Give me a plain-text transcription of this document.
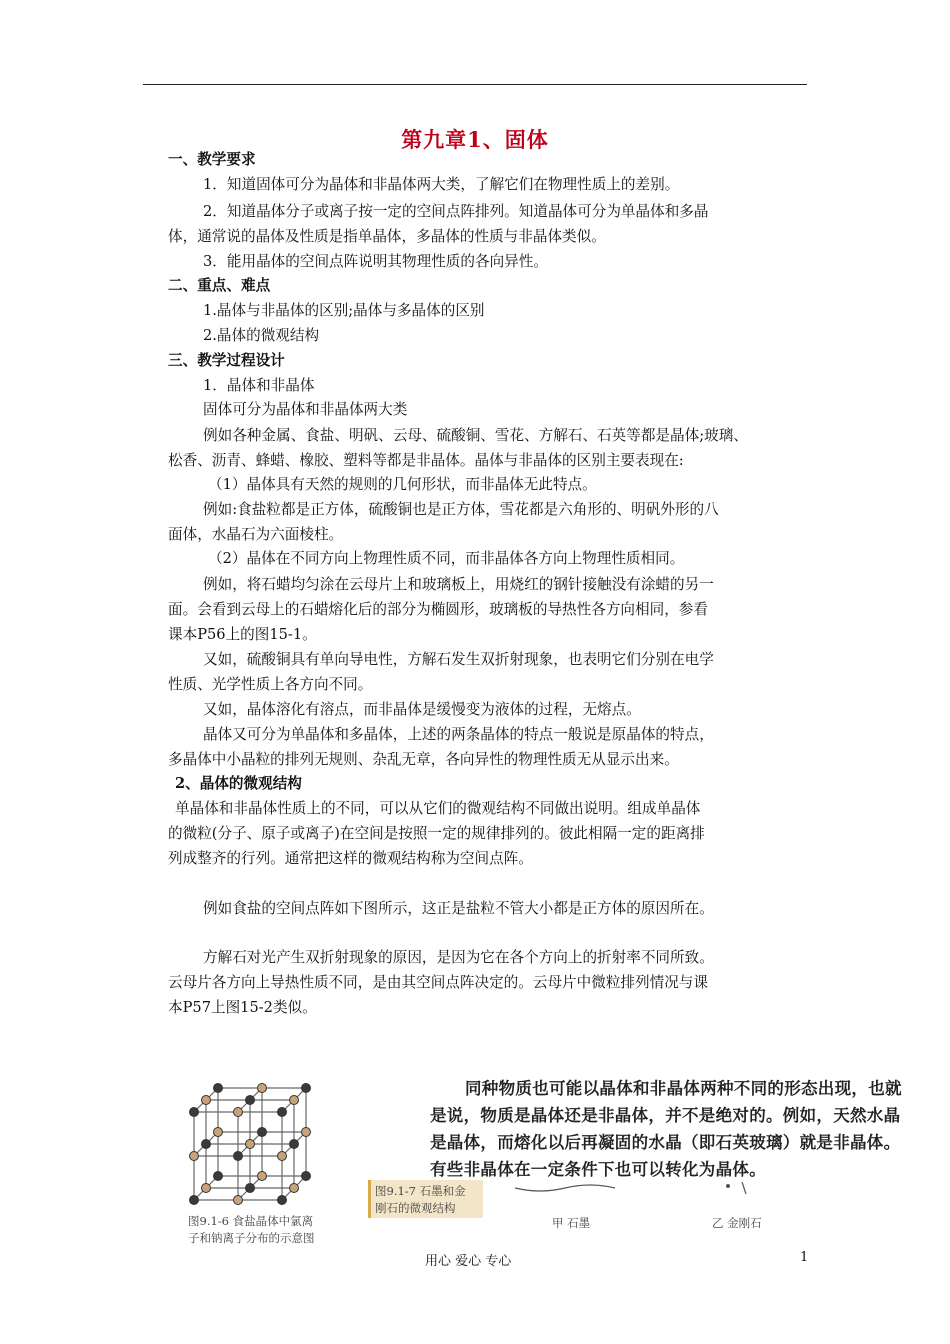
第九章1、固体
一、教学要求
1．知道固体可分为晶体和非晶体两大类，了解它们在物理性质上的差别。
2．知道晶体分子或离子按一定的空间点阵排列。知道晶体可分为单晶体和多晶
体，通常说的晶体及性质是指单晶体，多晶体的性质与非晶体类似。
3．能用晶体的空间点阵说明其物理性质的各向异性。
二、重点、难点
1.晶体与非晶体的区别;晶体与多晶体的区别
2.晶体的微观结构
三、教学过程设计
1．晶体和非晶体
固体可分为晶体和非晶体两大类
例如各种金属、食盐、明矾、云母、硫酸铜、雪花、方解石、石英等都是晶体;玻璃、
松香、沥青、蜂蜡、橡胶、塑料等都是非晶体。晶体与非晶体的区别主要表现在:
（1）晶体具有天然的规则的几何形状，而非晶体无此特点。
例如:食盐粒都是正方体，硫酸铜也是正方体，雪花都是六角形的、明矾外形的八
面体，水晶石为六面棱柱。
（2）晶体在不同方向上物理性质不同，而非晶体各方向上物理性质相同。
例如，将石蜡均匀涂在云母片上和玻璃板上，用烧红的钢针接触没有涂蜡的另一
面。会看到云母上的石蜡熔化后的部分为椭圆形，玻璃板的导热性各方向相同，参看
课本P56上的图15-1。
又如，硫酸铜具有单向导电性，方解石发生双折射现象，也表明它们分别在电学
性质、光学性质上各方向不同。
又如，晶体溶化有溶点，而非晶体是缓慢变为液体的过程，无熔点。
晶体又可分为单晶体和多晶体，上述的两条晶体的特点一般说是原晶体的特点，
多晶体中小晶粒的排列无规则、杂乱无章，各向异性的物理性质无从显示出来。
2、晶体的微观结构
单晶体和非晶体性质上的不同，可以从它们的微观结构不同做出说明。组成单晶体
的微粒(分子、原子或离子)在空间是按照一定的规律排列的。彼此相隔一定的距离排
列成整齐的行列。通常把这样的微观结构称为空间点阵。
例如食盐的空间点阵如下图所示，这正是盐粒不管大小都是正方体的原因所在。
方解石对光产生双折射现象的原因，是因为它在各个方向上的折射率不同所致。
云母片各方向上导热性质不同，是由其空间点阵决定的。云母片中微粒排列情况与课
本P57上图15-2类似。
图9.1-6 食盐晶体中氯离
子和钠离子分布的示意图
同种物质也可能以晶体和非晶体两种不同的形态出现，也就
是说，物质是晶体还是非晶体，并不是绝对的。例如，天然水晶
是晶体，而熔化以后再凝固的水晶（即石英玻璃）就是非晶体。
有些非晶体在一定条件下也可以转化为晶体。
图9.1-7 石墨和金
刚石的微观结构
甲 石墨	乙 金刚石
用心 爱心 专心	1
